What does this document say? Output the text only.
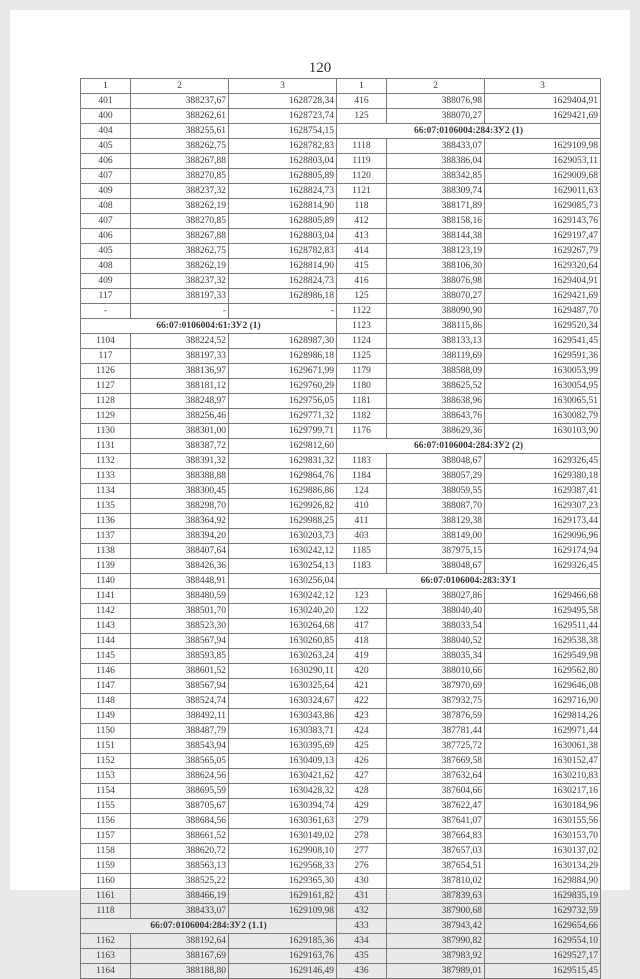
120
1	2	3	1	2	3
401	388237,67	1628728,34	416	388076,98	1629404,91
400	388262,61	1628723,74	125	388070,27	1629421,69
404	388255,61	1628754,15	66:07:0106004:284:ЗУ2 (1)		
405	388262,75	1628782,83	1118	388433,07	1629109,98
406	388267,88	1628803,04	1119	388386,04	1629053,11
407	388270,85	1628805,89	1120	388342,85	1629009,68
409	388237,32	1628824,73	1121	388309,74	1629011,63
408	388262,19	1628814,90	118	388171,89	1629085,73
407	388270,85	1628805,89	412	388158,16	1629143,76
406	388267,88	1628803,04	413	388144,38	1629197,47
405	388262,75	1628782,83	414	388123,19	1629267,79
408	388262,19	1628814,90	415	388106,30	1629320,64
409	388237,32	1628824,73	416	388076,98	1629404,91
117	388197,33	1628986,18	125	388070,27	1629421,69
-	-	-	1122	388090,90	1629487,70
66:07:0106004:61:ЗУ2 (1)			1123	388115,86	1629520,34
1104	388224,52	1628987,30	1124	388133,13	1629541,45
117	388197,33	1628986,18	1125	388119,69	1629591,36
1126	388136,97	1629671,99	1179	388588,09	1630053,99
1127	388181,12	1629760,29	1180	388625,52	1630054,95
1128	388248,97	1629756,05	1181	388638,96	1630065,51
1129	388256,46	1629771,32	1182	388643,76	1630082,79
1130	388301,00	1629799,71	1176	388629,36	1630103,90
1131	388387,72	1629812,60	66:07:0106004:284:ЗУ2 (2)		
1132	388391,32	1629831,32	1183	388048,67	1629326,45
1133	388388,88	1629864,76	1184	388057,29	1629380,18
1134	388300,45	1629886,86	124	388059,55	1629387,41
1135	388298,70	1629926,82	410	388087,70	1629307,23
1136	388364,92	1629988,25	411	388129,38	1629173,44
1137	388394,20	1630203,73	403	388149,00	1629096,96
1138	388407,64	1630242,12	1185	387975,15	1629174,94
1139	388426,36	1630254,13	1183	388048,67	1629326,45
1140	388448,91	1630256,04	66:07:0106004:283:ЗУ1		
1141	388480,59	1630242,12	123	388027,86	1629466,68
1142	388501,70	1630240,20	122	388040,40	1629495,58
1143	388523,30	1630264,68	417	388033,54	1629511,44
1144	388567,94	1630260,85	418	388040,52	1629538,38
1145	388593,85	1630263,24	419	388035,34	1629549,98
1146	388601,52	1630290,11	420	388010,66	1629562,80
1147	388567,94	1630325,64	421	387970,69	1629646,08
1148	388524,74	1630324,67	422	387932,75	1629716,90
1149	388492,11	1630343,86	423	387876,59	1629814,26
1150	388487,79	1630383,71	424	387781,44	1629971,44
1151	388543,94	1630395,69	425	387725,72	1630061,38
1152	388565,05	1630409,13	426	387669,58	1630152,47
1153	388624,56	1630421,62	427	387632,64	1630210,83
1154	388695,59	1630428,32	428	387604,66	1630217,16
1155	388705,67	1630394,74	429	387622,47	1630184,96
1156	388684,56	1630361,63	279	387641,07	1630155,56
1157	388661,52	1630149,02	278	387664,83	1630153,70
1158	388620,72	1629908,10	277	387657,03	1630137,02
1159	388563,13	1629568,33	276	387654,51	1630134,29
1160	388525,22	1629365,30	430	387810,02	1629884,90
1161	388466,19	1629161,82	431	387839,63	1629835,19
1118	388433,07	1629109,98	432	387900,68	1629732,59
66:07:0106004:284:ЗУ2 (1.1)			433	387943,42	1629654,66
1162	388192,64	1629185,36	434	387990,82	1629554,10
1163	388167,69	1629163,76	435	387983,92	1629527,17
1164	388188,80	1629146,49	436	387989,01	1629515,45
